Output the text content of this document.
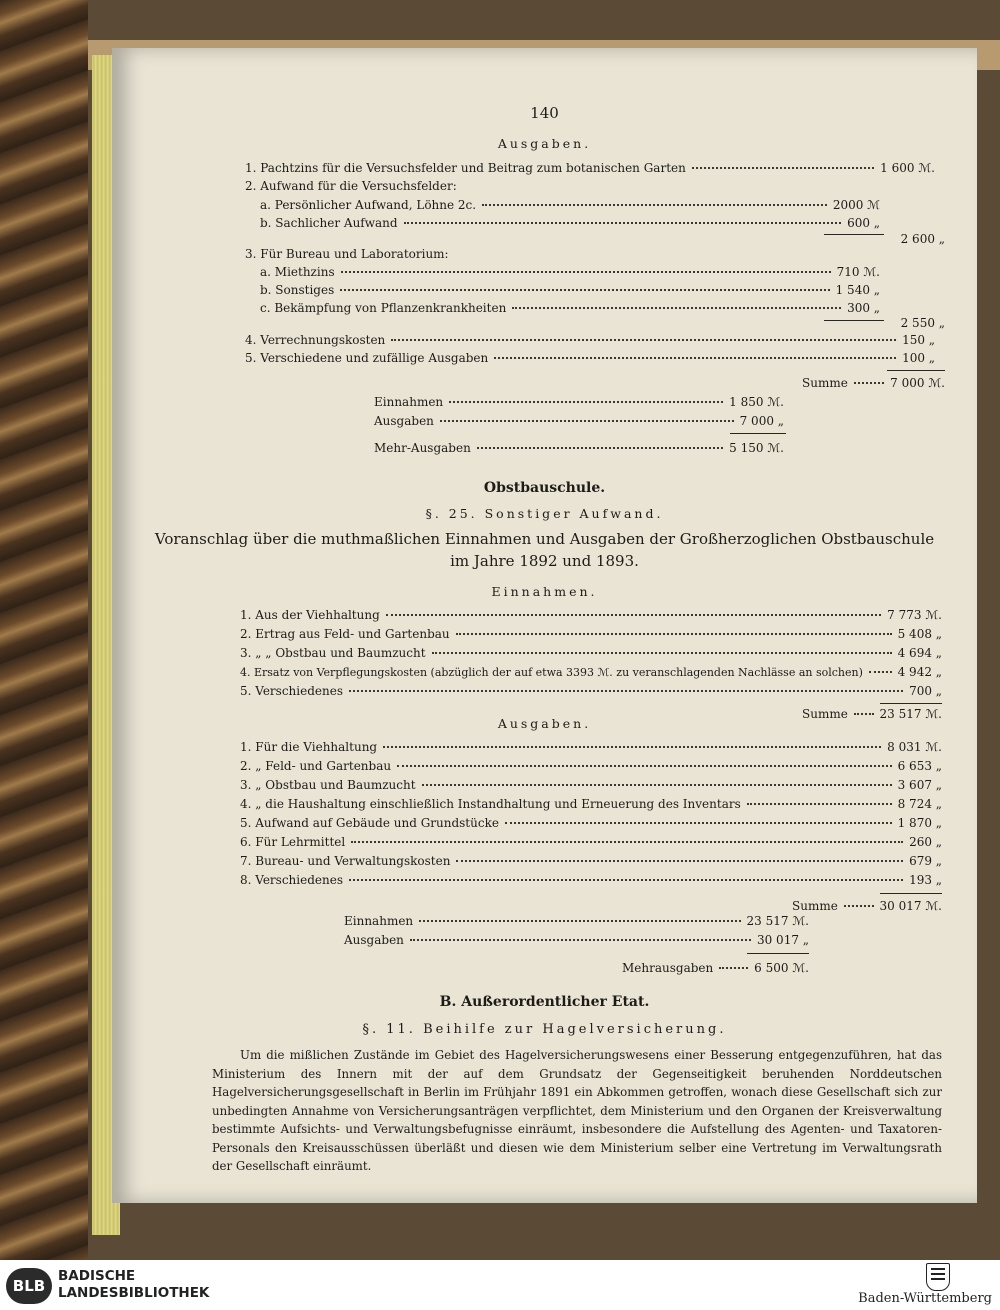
140
Ausgaben.
1. Pachtzins für die Versuchsfelder und Beitrag zum botanischen Garten	1 600 ℳ.
2. Aufwand für die Versuchsfelder:
a. Persönlicher Aufwand, Löhne 2c.	2000 ℳ
b. Sachlicher Aufwand	600 „
2 600 „
3. Für Bureau und Laboratorium:
a. Miethzins	710 ℳ.
b. Sonstiges	1 540 „
c. Bekämpfung von Pflanzenkrankheiten	300 „
2 550 „
4. Verrechnungskosten	150 „
5. Verschiedene und zufällige Ausgaben	100 „
Summe	7 000 ℳ.
Einnahmen	1 850 ℳ.
Ausgaben	7 000 „
Mehr-Ausgaben	5 150 ℳ.
Obstbauschule.
§. 25. Sonstiger Aufwand.
Voranschlag über die muthmaßlichen Einnahmen und Ausgaben der Großherzoglichen Obstbauschule
im Jahre 1892 und 1893.
Einnahmen.
1. Aus der Viehhaltung	7 773 ℳ.
2. Ertrag aus Feld- und Gartenbau	5 408 „
3. „ „ Obstbau und Baumzucht	4 694 „
4. Ersatz von Verpflegungskosten (abzüglich der auf etwa 3393 ℳ. zu veranschlagenden Nachlässe an solchen)	4 942 „
5. Verschiedenes	700 „
Summe	23 517 ℳ.
Ausgaben.
1. Für die Viehhaltung	8 031 ℳ.
2. „ Feld- und Gartenbau	6 653 „
3. „ Obstbau und Baumzucht	3 607 „
4. „ die Haushaltung einschließlich Instandhaltung und Erneuerung des Inventars	8 724 „
5. Aufwand auf Gebäude und Grundstücke	1 870 „
6. Für Lehrmittel	260 „
7. Bureau- und Verwaltungskosten	679 „
8. Verschiedenes	193 „
Summe	30 017 ℳ.
Einnahmen	23 517 ℳ.
Ausgaben	30 017 „
Mehrausgaben	6 500 ℳ.
B. Außerordentlicher Etat.
§. 11. Beihilfe zur Hagelversicherung.
Um die mißlichen Zustände im Gebiet des Hagelversicherungswesens einer Besserung entgegenzuführen, hat das Ministerium des Innern mit der auf dem Grundsatz der Gegenseitigkeit beruhenden Norddeutschen Hagelversicherungsgesellschaft in Berlin im Frühjahr 1891 ein Abkommen getroffen, wonach diese Gesellschaft sich zur unbedingten Annahme von Versicherungsanträgen verpflichtet, dem Ministerium und den Organen der Kreisverwaltung bestimmte Aufsichts- und Verwaltungsbefugnisse einräumt, insbesondere die Aufstellung des Agenten- und Taxatoren-Personals den Kreisausschüssen überläßt und diesen wie dem Ministerium selber eine Vertretung im Verwaltungsrath der Gesellschaft einräumt.
BLB
BADISCHE
LANDESBIBLIOTHEK	Baden-Württemberg
